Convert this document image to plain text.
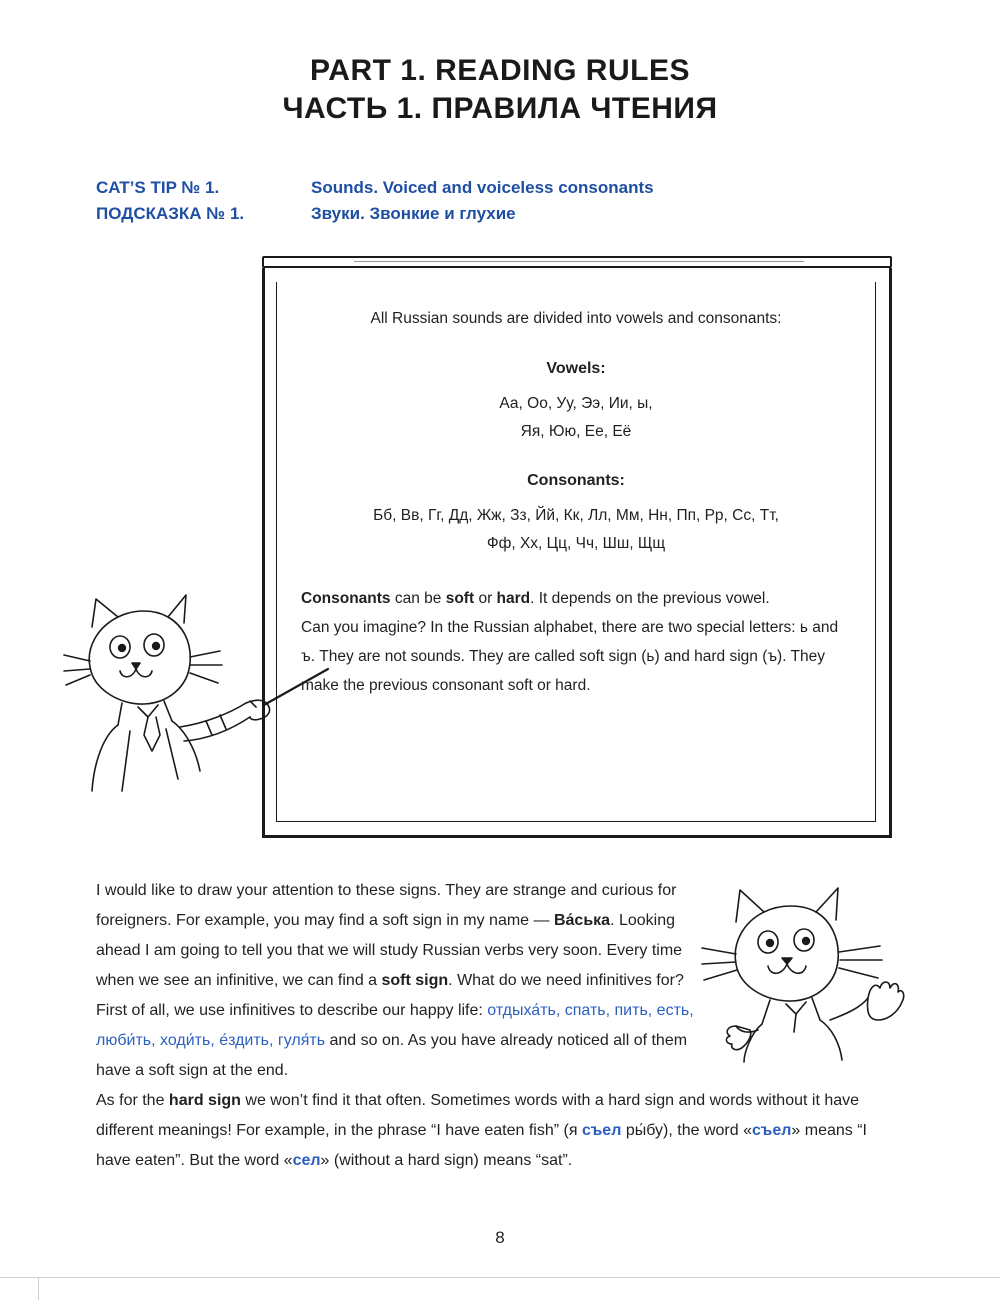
PART 1. READING RULES
ЧАСТЬ 1. ПРАВИЛА ЧТЕНИЯ
CAT’S TIP № 1.	Sounds. Voiced and voiceless consonants
ПОДСКАЗКА № 1.	Звуки. Звонкие и глухие
All Russian sounds are divided into vowels and consonants:
Vowels:
Аа, Оо, Уу, Ээ, Ии, ы,
Яя, Юю, Ее, Её
Consonants:
Бб, Вв, Гг, Дд, Жж, Зз, Йй, Кк, Лл, Мм, Нн, Пп, Рр, Сс, Тт,
Фф, Хх, Цц, Чч, Шш, Щщ

Consonants can be soft or hard. It depends on the previous vowel.

Can you imagine? In the Russian alphabet, there are two special letters: ь and ъ. They are not sounds. They are called soft sign (ь) and hard sign (ъ). They make the previous consonant soft or hard.

I would like to draw your attention to these signs. They are strange and curious for foreigners. For example, you may find a soft sign in my name — Ва́ська. Looking ahead I am going to tell you that we will study Russian verbs very soon. Every time when we see an infinitive, we can find a soft sign. What do we need infinitives for?

First of all, we use infinitives to describe our happy life: отдыха́ть, спать, пить, есть, люби́ть, ходи́ть, е́здить, гуля́ть and so on. As you have already noticed all of them have a soft sign at the end.

As for the hard sign we won’t find it that often. Sometimes words with a hard sign and words without it have different meanings! For example, in the phrase “I have eaten fish” (я съел ры́бу), the word «съел» means “I have eaten”. But the word «сел» (without a hard sign) means “sat”.

8
